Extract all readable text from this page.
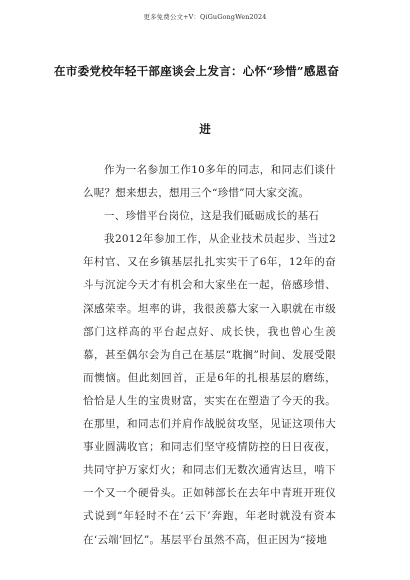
更多免费公文+V：QiGuGongWen2024
在市委党校年轻干部座谈会上发言：心怀“珍惜”感恩奋
进

作为一名参加工作10多年的同志，和同志们谈什么呢？想来想去，想用三个“珍惜”同大家交流。

一、珍惜平台岗位，这是我们砥砺成长的基石

我2012年参加工作，从企业技术员起步、当过2年村官、又在乡镇基层扎扎实实干了6年，12年的奋斗与沉淀今天才有机会和大家坐在一起，倍感珍惜、深感荣幸。坦率的讲，我很羡慕大家一入职就在市级部门这样高的平台起点好、成长快，我也曾心生羡慕，甚至偶尔会为自己在基层“耽搁”时间、发展受限而懊恼。但此刻回首，正是6年的扎根基层的磨练，恰恰是人生的宝贵财富，实实在在塑造了今天的我。在那里，和同志们并肩作战脱贫攻坚，见证这项伟大事业圆满收官；和同志们坚守疫情防控的日日夜夜，共同守护万家灯火；和同志们无数次通宵达旦，啃下一个又一个硬骨头。正如韩部长在去年中青班开班仪式说到“年轻时不在‘云下’奔跑，年老时就没有资本在‘云端’回忆”。基层平台虽然不高，但正因为“接地
